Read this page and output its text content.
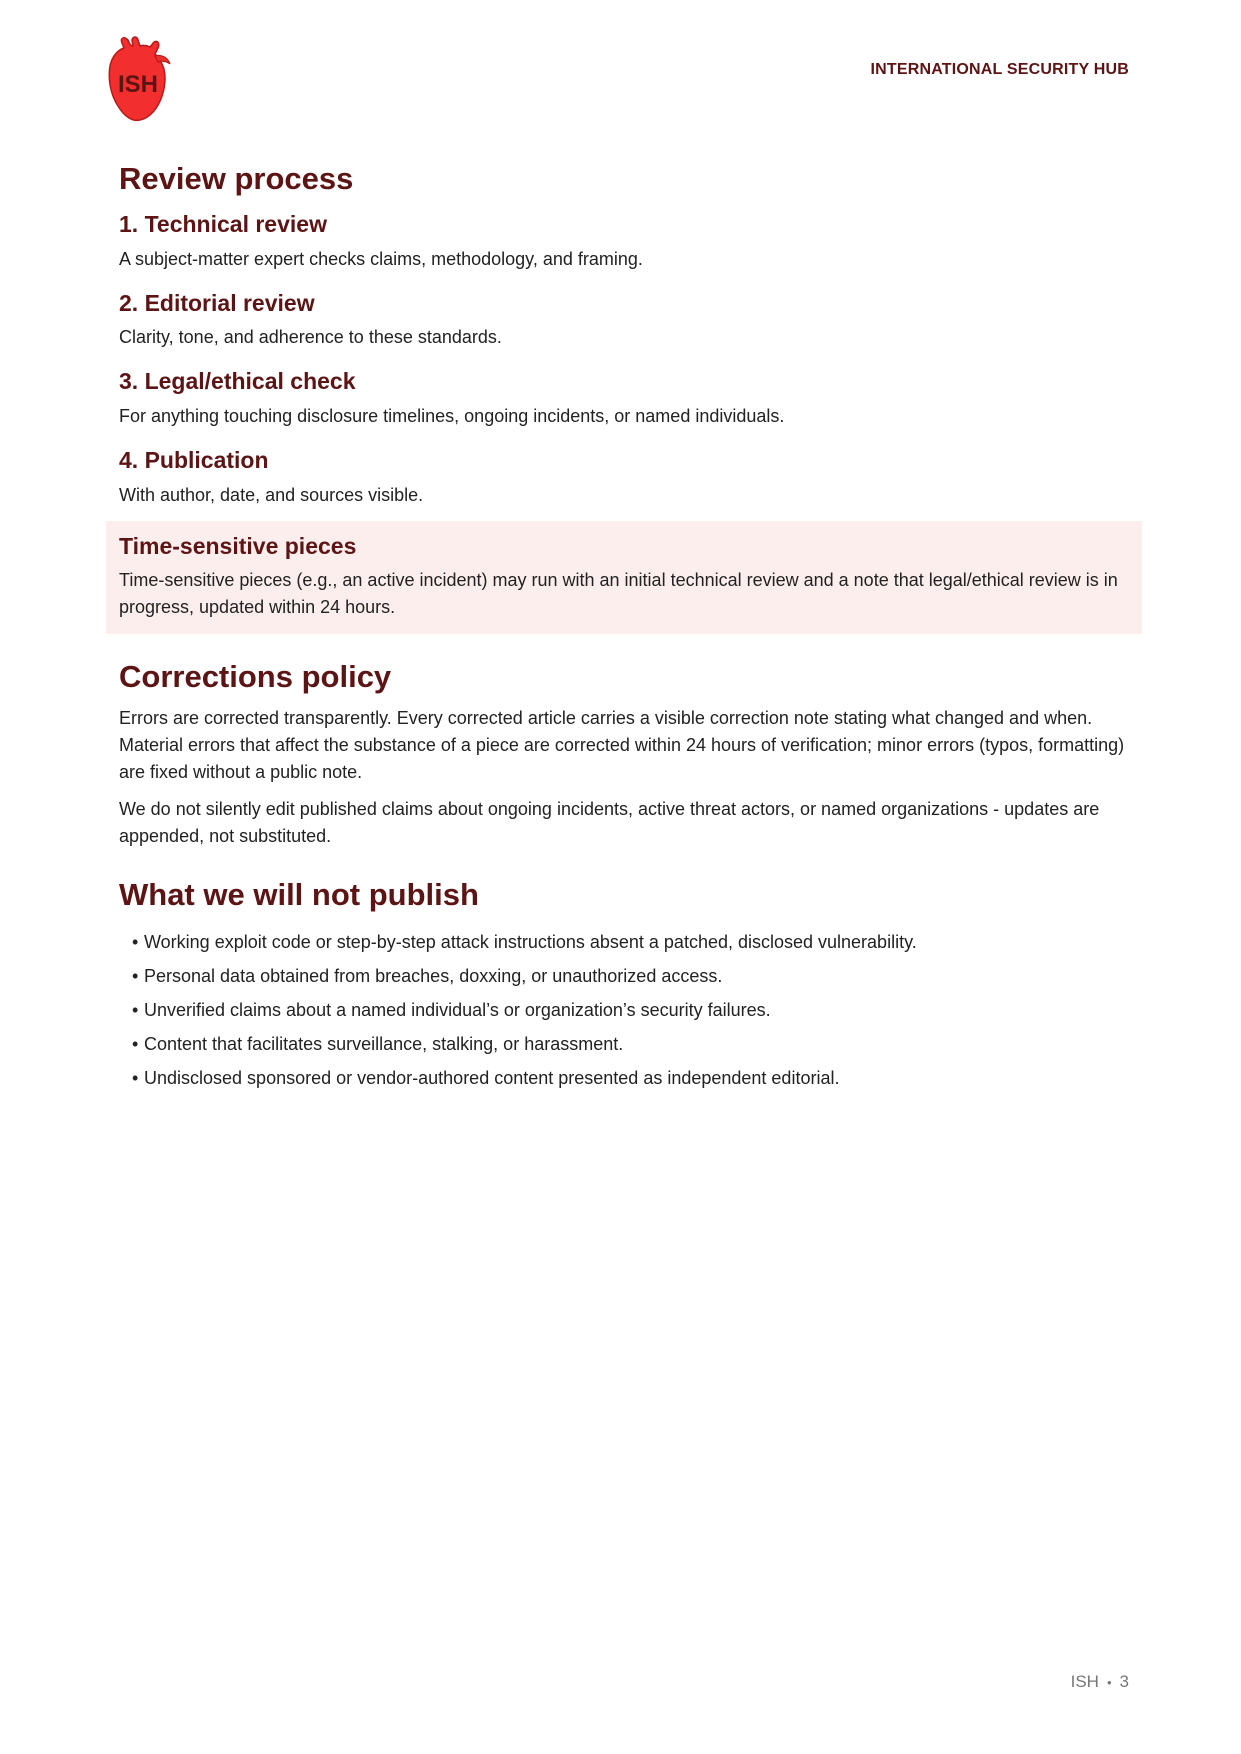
ISH
INTERNATIONAL SECURITY HUB
Review process
1. Technical review

A subject-matter expert checks claims, methodology, and framing.

2. Editorial review

Clarity, tone, and adherence to these standards.

3. Legal/ethical check

For anything touching disclosure timelines, ongoing incidents, or named individuals.

4. Publication

With author, date, and sources visible.

Time-sensitive pieces

Time-sensitive pieces (e.g., an active incident) may run with an initial technical review and a note that legal/ethical review is in progress, updated within 24 hours.

Corrections policy

Errors are corrected transparently. Every corrected article carries a visible correction note stating what changed and when. Material errors that affect the substance of a piece are corrected within 24 hours of verification; minor errors (typos, formatting) are fixed without a public note.

We do not silently edit published claims about ongoing incidents, active threat actors, or named organizations - updates are appended, not substituted.

What we will not publish
• Working exploit code or step-by-step attack instructions absent a patched, disclosed vulnerability.
• Personal data obtained from breaches, doxxing, or unauthorized access.
• Unverified claims about a named individual’s or organization’s security failures.
• Content that facilitates surveillance, stalking, or harassment.
• Undisclosed sponsored or vendor-authored content presented as independent editorial.
ISH • 3
